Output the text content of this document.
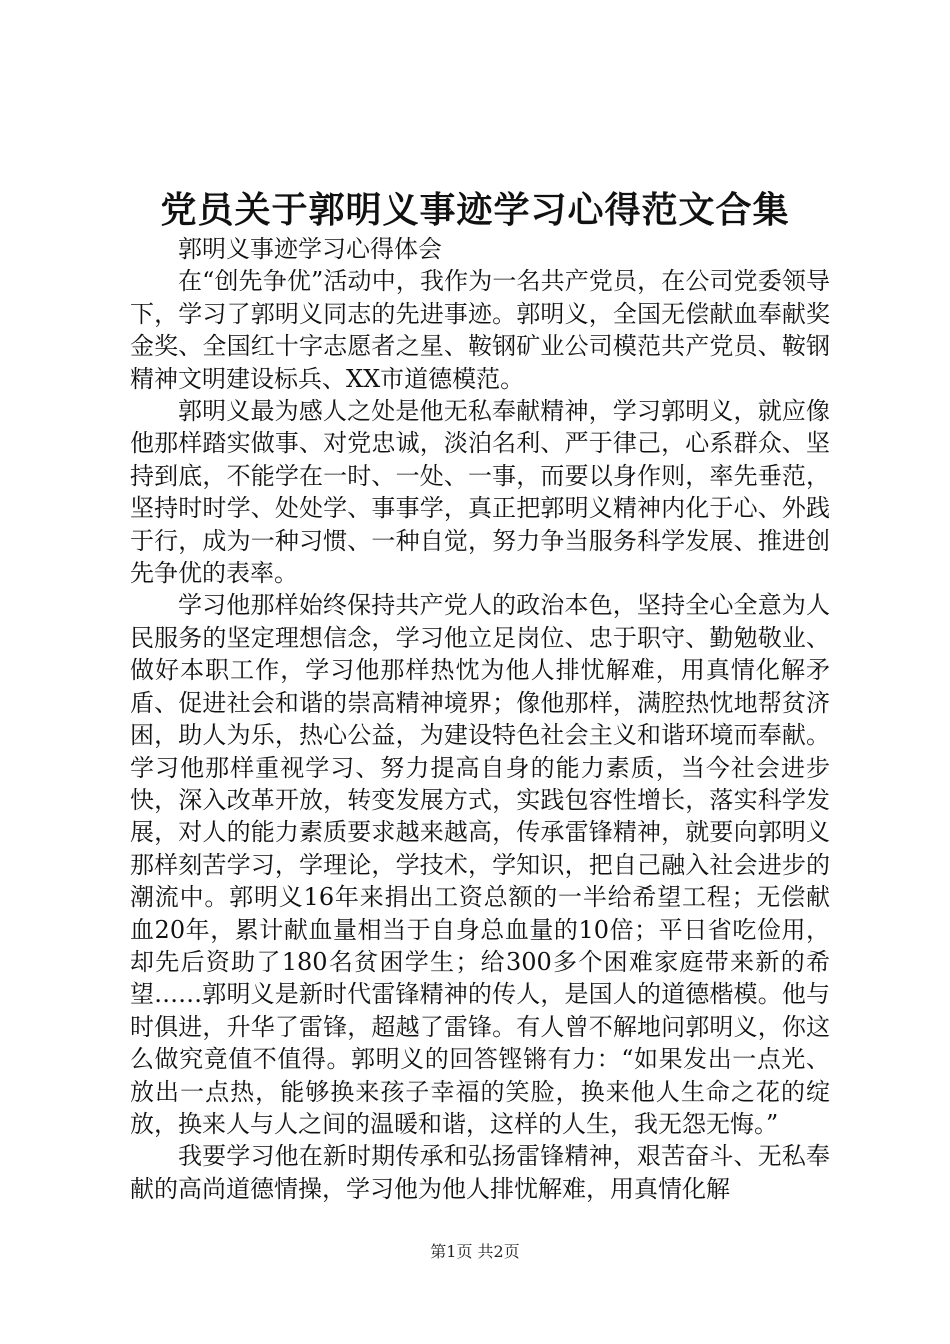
党员关于郭明义事迹学习心得范文合集

郭明义事迹学习心得体会

在“创先争优”活动中，我作为一名共产党员，在公司党委领导下，学习了郭明义同志的先进事迹。郭明义，全国无偿献血奉献奖金奖、全国红十字志愿者之星、鞍钢矿业公司模范共产党员、鞍钢精神文明建设标兵、XX市道德模范。

郭明义最为感人之处是他无私奉献精神，学习郭明义，就应像他那样踏实做事、对党忠诚，淡泊名利、严于律己，心系群众、坚持到底，不能学在一时、一处、一事，而要以身作则，率先垂范，坚持时时学、处处学、事事学，真正把郭明义精神内化于心、外践于行，成为一种习惯、一种自觉，努力争当服务科学发展、推进创先争优的表率。

学习他那样始终保持共产党人的政治本色，坚持全心全意为人民服务的坚定理想信念，学习他立足岗位、忠于职守、勤勉敬业、做好本职工作，学习他那样热忱为他人排忧解难，用真情化解矛盾、促进社会和谐的崇高精神境界；像他那样，满腔热忱地帮贫济困，助人为乐，热心公益，为建设特色社会主义和谐环境而奉献。学习他那样重视学习、努力提高自身的能力素质，当今社会进步快，深入改革开放，转变发展方式，实践包容性增长，落实科学发展，对人的能力素质要求越来越高，传承雷锋精神，就要向郭明义那样刻苦学习，学理论，学技术，学知识，把自己融入社会进步的潮流中。郭明义16年来捐出工资总额的一半给希望工程；无偿献血20年，累计献血量相当于自身总血量的10倍；平日省吃俭用，却先后资助了180名贫困学生；给300多个困难家庭带来新的希望……郭明义是新时代雷锋精神的传人，是国人的道德楷模。他与时俱进，升华了雷锋，超越了雷锋。有人曾不解地问郭明义，你这么做究竟值不值得。郭明义的回答铿锵有力：“如果发出一点光、放出一点热，能够换来孩子幸福的笑脸，换来他人生命之花的绽放，换来人与人之间的温暖和谐，这样的人生，我无怨无悔。”

我要学习他在新时期传承和弘扬雷锋精神，艰苦奋斗、无私奉献的高尚道德情操，学习他为他人排忧解难，用真情化解

第1页 共2页
